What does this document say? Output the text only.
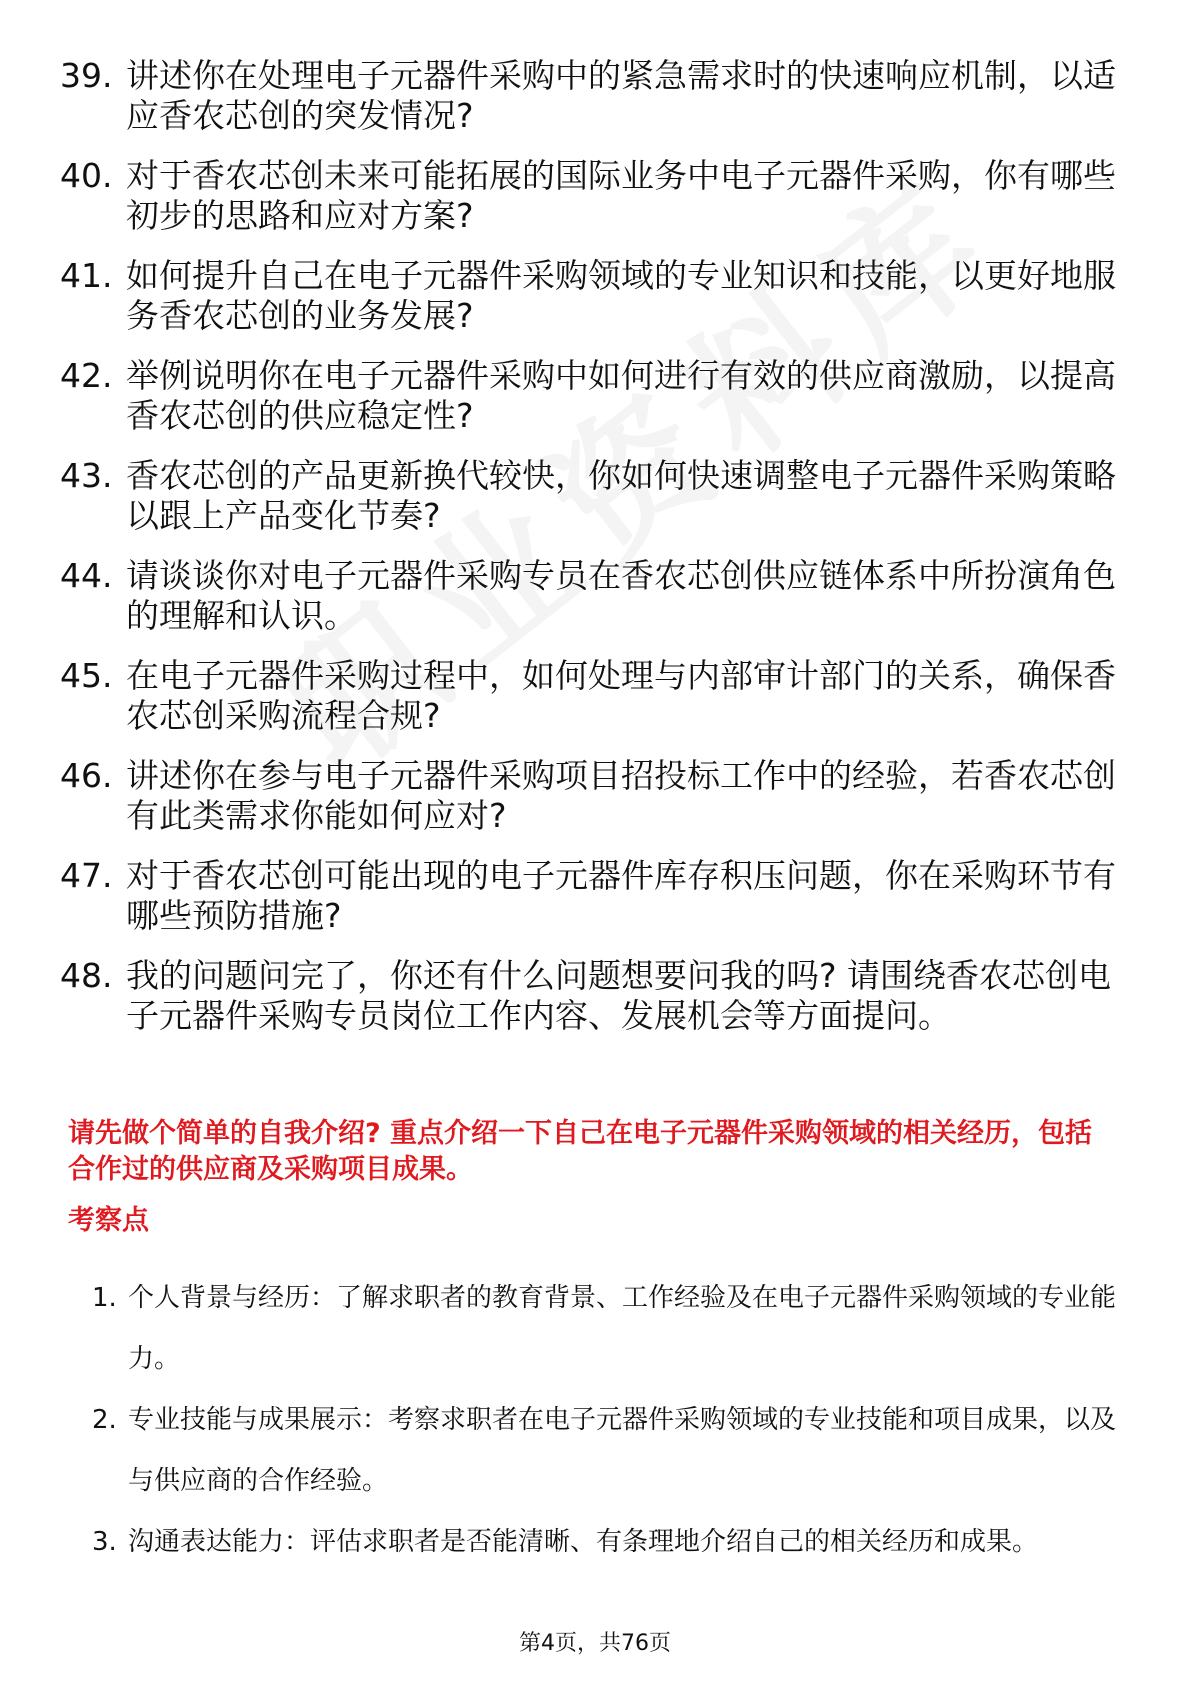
39. 讲述你在处理电子元器件采购中的紧急需求时的快速响应机制，以适应香农芯创的突发情况?
40. 对于香农芯创未来可能拓展的国际业务中电子元器件采购，你有哪些初步的思路和应对方案?
41. 如何提升自己在电子元器件采购领域的专业知识和技能，以更好地服务香农芯创的业务发展?
42. 举例说明你在电子元器件采购中如何进行有效的供应商激励，以提高香农芯创的供应稳定性?
43. 香农芯创的产品更新换代较快，你如何快速调整电子元器件采购策略以跟上产品变化节奏?
44. 请谈谈你对电子元器件采购专员在香农芯创供应链体系中所扮演角色的理解和认识。
45. 在电子元器件采购过程中，如何处理与内部审计部门的关系，确保香农芯创采购流程合规?
46. 讲述你在参与电子元器件采购项目招投标工作中的经验，若香农芯创有此类需求你能如何应对?
47. 对于香农芯创可能出现的电子元器件库存积压问题，你在采购环节有哪些预防措施?
48. 我的问题问完了，你还有什么问题想要问我的吗? 请围绕香农芯创电子元器件采购专员岗位工作内容、发展机会等方面提问。
请先做个简单的自我介绍? 重点介绍一下自己在电子元器件采购领域的相关经历，包括合作过的供应商及采购项目成果。
考察点
1. 个人背景与经历：了解求职者的教育背景、工作经验及在电子元器件采购领域的专业能力。
2. 专业技能与成果展示：考察求职者在电子元器件采购领域的专业技能和项目成果，以及与供应商的合作经验。
3. 沟通表达能力：评估求职者是否能清晰、有条理地介绍自己的相关经历和成果。
第4页，共76页
